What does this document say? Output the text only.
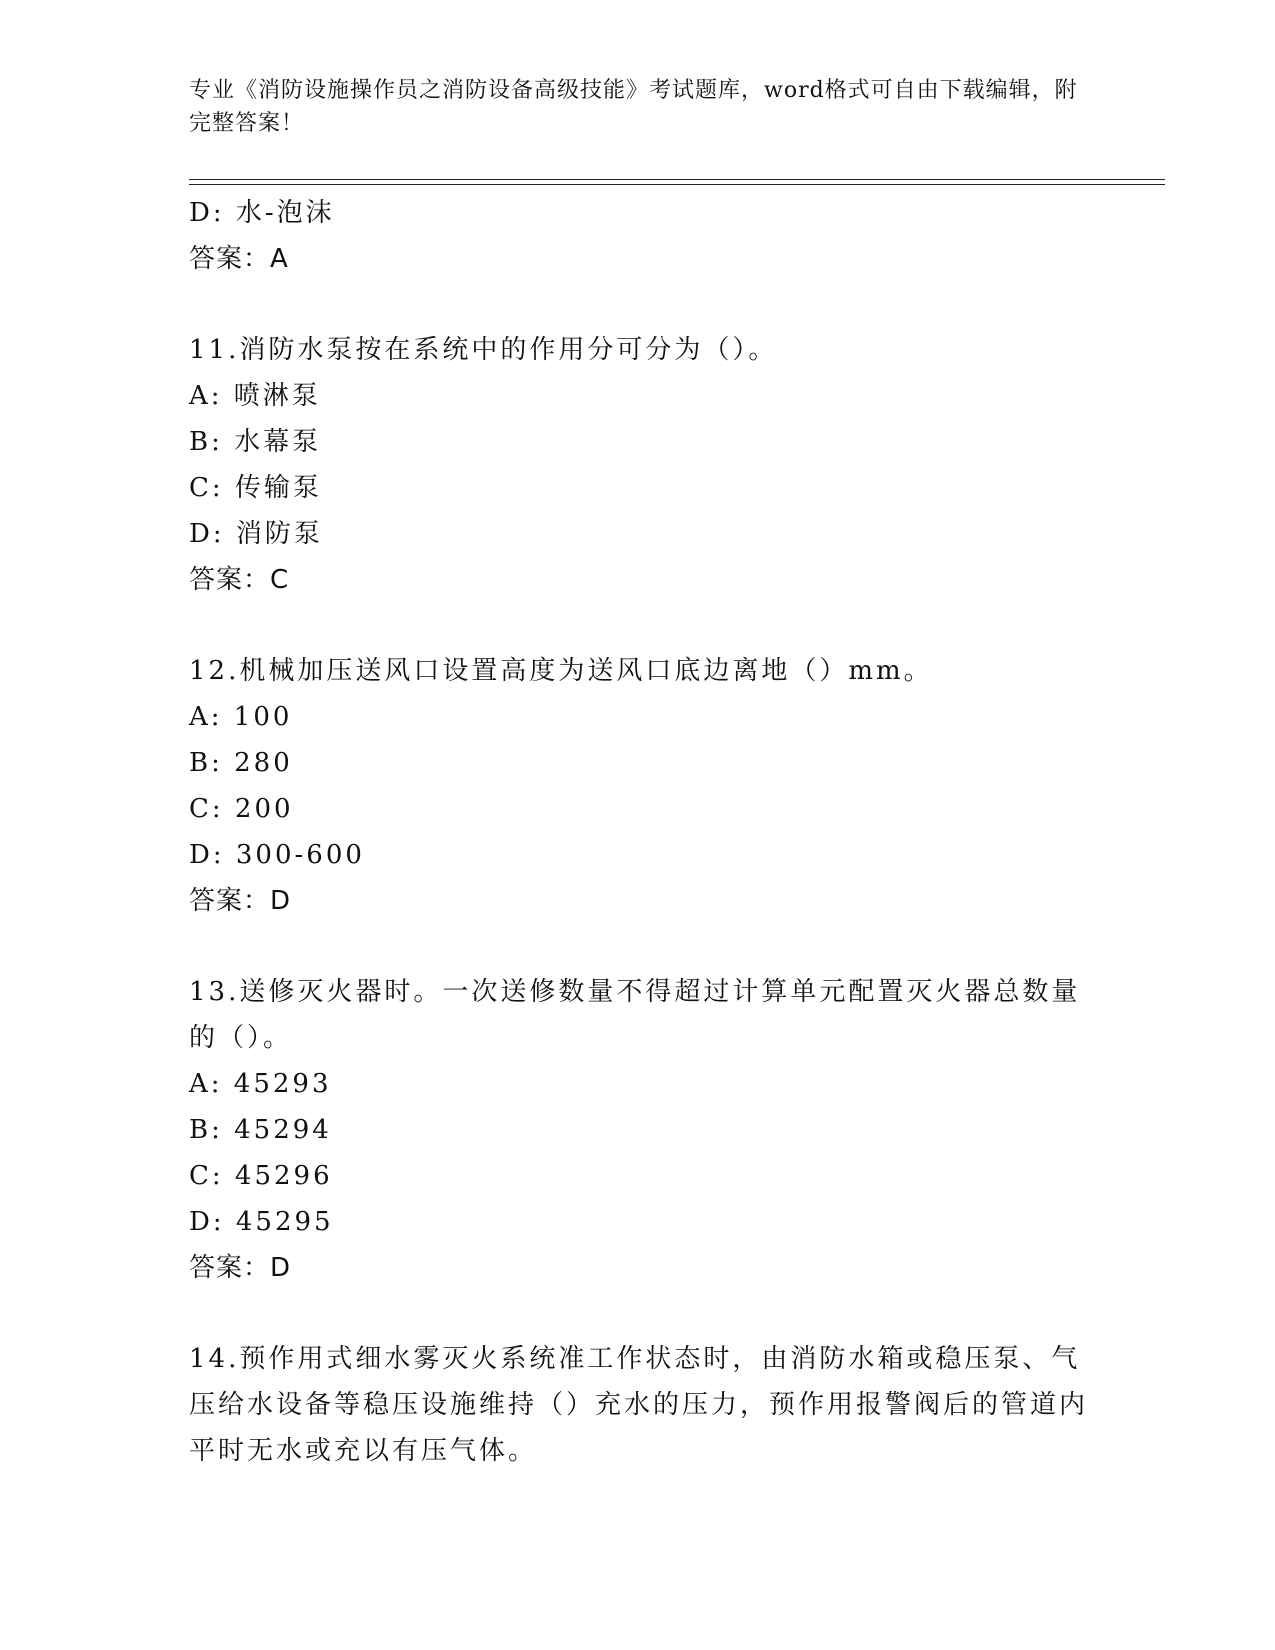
专业《消防设施操作员之消防设备高级技能》考试题库，word格式可自由下载编辑，附完整答案！
D: 水-泡沫
答案：A
11.消防水泵按在系统中的作用分可分为（）。
A: 喷淋泵
B: 水幕泵
C: 传输泵
D: 消防泵
答案：C
12.机械加压送风口设置高度为送风口底边离地（）mm。
A: 100
B: 280
C: 200
D: 300-600
答案：D
13.送修灭火器时。一次送修数量不得超过计算单元配置灭火器总数量的（）。
A: 45293
B: 45294
C: 45296
D: 45295
答案：D
14.预作用式细水雾灭火系统准工作状态时，由消防水箱或稳压泵、气压给水设备等稳压设施维持（）充水的压力，预作用报警阀后的管道内平时无水或充以有压气体。
